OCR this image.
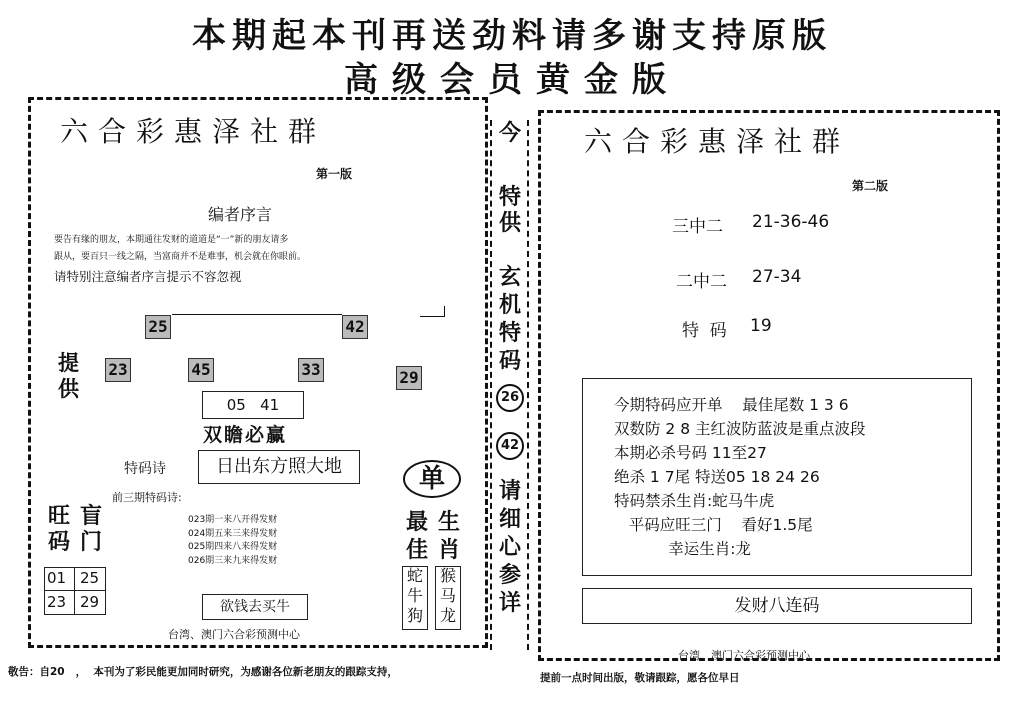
本期起本刊再送劲料请多谢支持原版
高级会员黄金版
六合彩惠泽社群
第一版
编者序言
要告有缘的朋友，本期通往发财的道道是“一”新的朋友请多
跟从，要百只一线之隔，当富商并不是难事，机会就在你眼前。
请特别注意编者序言提示不容忽视
25	42
提
供
23	45	33	29
05   41
双瞻必赢
特码诗	日出东方照大地
前三期特码诗:
023期一来八开得发财
024期五来三来得发财
025期四来八来得发财
026期三来九来得发财
旺
码
盲
门
01 25
23 29	欲钱去买牛
台湾、澳门六合彩预测中心
单
最
佳
生
肖
蛇
牛
狗
猴
马
龙
今
特
供
玄
机
特
码
26
42
请
细
心
参
详
六合彩惠泽社群
第二版
三中二 21-36-46
二中二 27-34
特  码 19
今期特码应开单    最佳尾数 1 3 6
双数防 2 8 主红波防蓝波是重点波段
本期必杀号码 11至27
绝杀 1 7尾 特送05 18 24 26
特码禁杀生肖:蛇马牛虎
平码应旺三门    看好1.5尾
幸运生肖:龙
发财八连码
台湾、澳门六合彩预测中心
敬告：自20   ，  本刊为了彩民能更加同时研究，为感谢各位新老朋友的跟踪支持，	提前一点时间出版，敬请跟踪，愿各位早日
